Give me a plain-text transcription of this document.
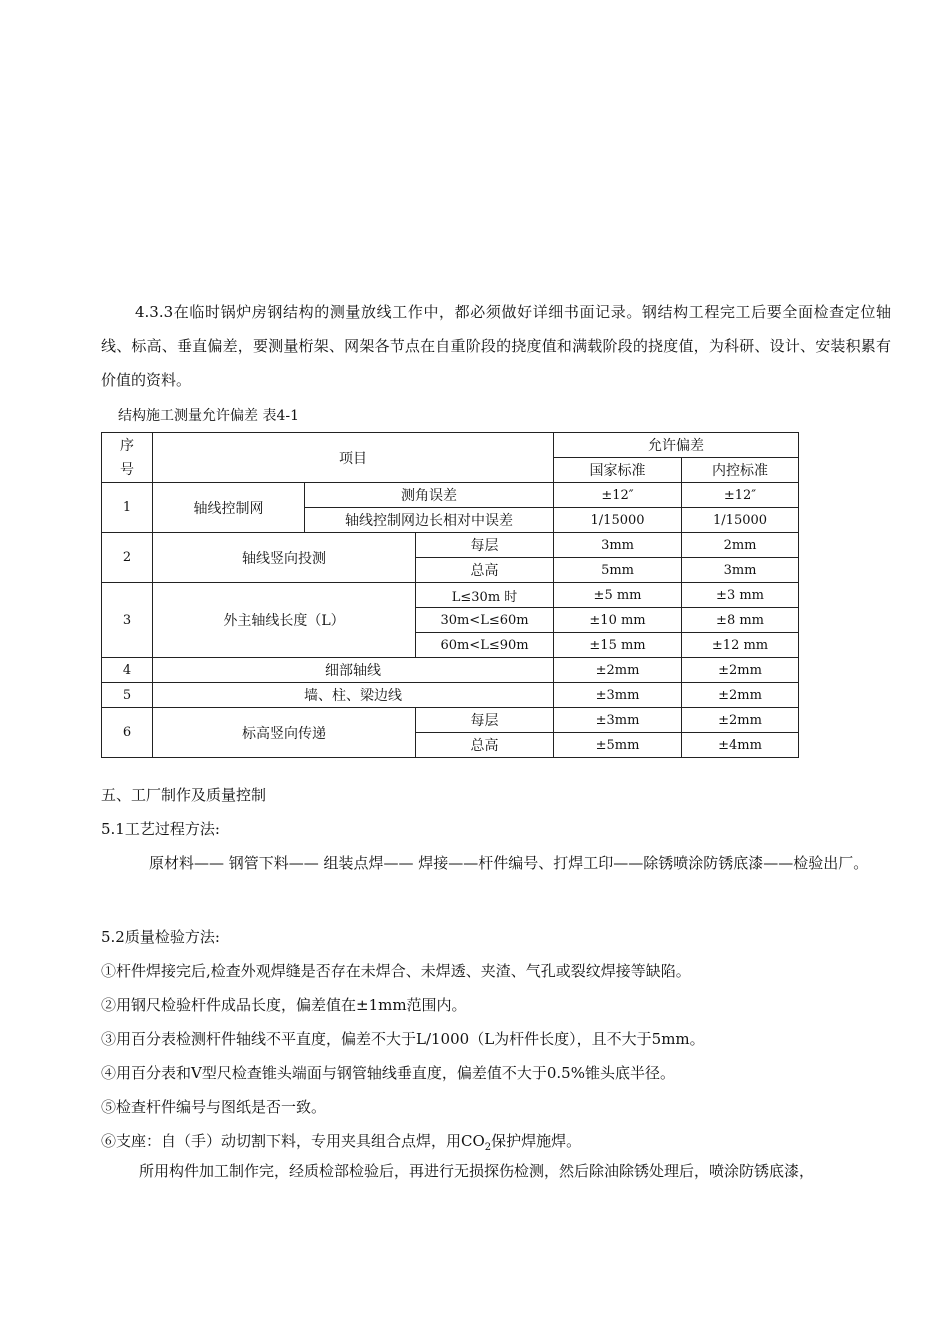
4.3.3在临时锅炉房钢结构的测量放线工作中，都必须做好详细书面记录。钢结构工程完工后要全面检查定位轴线、标高、垂直偏差，要测量桁架、网架各节点在自重阶段的挠度值和满载阶段的挠度值，为科研、设计、安装积累有价值的资料。
结构施工测量允许偏差 表4-1
序号	项目			允许偏差	
				国家标准	内控标准
1	轴线控制网	测角误差		±12″	±12″
		轴线控制网边长相对中误差		1/15000	1/15000
2	轴线竖向投测		每层	3mm	2mm
			总高	5mm	3mm
3	外主轴线长度（L）		L≤30m 时	±5 mm	±3 mm
			30m<L≤60m	±10 mm	±8 mm
			60m<L≤90m	±15 mm	±12 mm
4	细部轴线			±2mm	±2mm
5	墙、柱、梁边线			±3mm	±2mm
6	标高竖向传递		每层	±3mm	±2mm
			总高	±5mm	±4mm
五、工厂制作及质量控制
5.1工艺过程方法:
原材料—— 钢管下料—— 组装点焊—— 焊接——杆件编号、打焊工印——除锈喷涂防锈底漆——检验出厂。
5.2质量检验方法:
①杆件焊接完后,检查外观焊缝是否存在未焊合、未焊透、夹渣、气孔或裂纹焊接等缺陷。
②用钢尺检验杆件成品长度，偏差值在±1mm范围内。
③用百分表检测杆件轴线不平直度，偏差不大于L/1000（L为杆件长度），且不大于5mm。
④用百分表和V型尺检查锥头端面与钢管轴线垂直度，偏差值不大于0.5%锥头底半径。
⑤检查杆件编号与图纸是否一致。
⑥支座：自（手）动切割下料，专用夹具组合点焊，用$CO_2$保护焊施焊。
所用构件加工制作完，经质检部检验后，再进行无损探伤检测，然后除油除锈处理后，喷涂防锈底漆，
